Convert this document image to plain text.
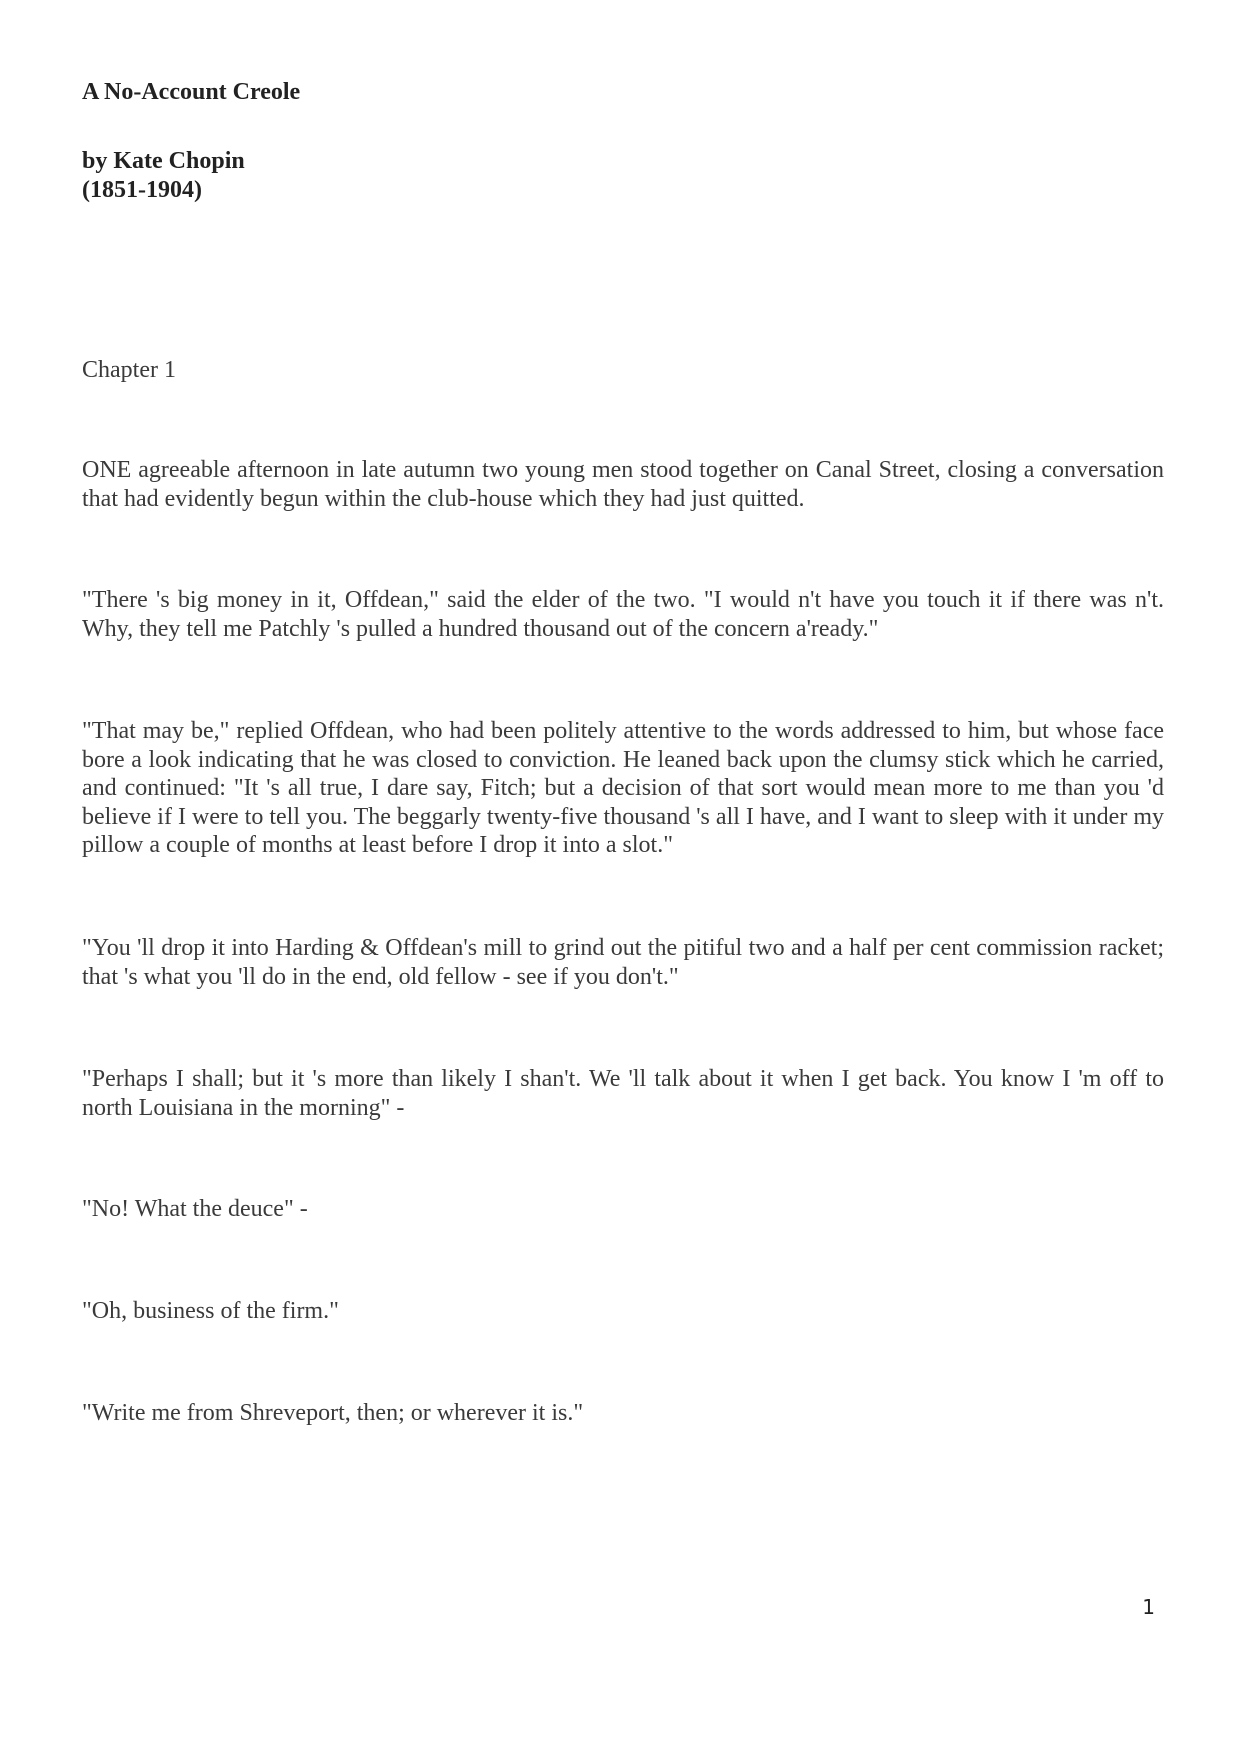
A No-Account Creole
by Kate Chopin
(1851-1904)
Chapter 1

ONE agreeable afternoon in late autumn two young men stood together on Canal Street, closing a conversation that had evidently begun within the club-house which they had just quitted.

"There 's big money in it, Offdean," said the elder of the two. "I would n't have you touch it if there was n't. Why, they tell me Patchly 's pulled a hundred thousand out of the concern a'ready."

"That may be," replied Offdean, who had been politely attentive to the words addressed to him, but whose face bore a look indicating that he was closed to conviction. He leaned back upon the clumsy stick which he carried, and continued: "It 's all true, I dare say, Fitch; but a decision of that sort would mean more to me than you 'd believe if I were to tell you. The beggarly twenty-five thousand 's all I have, and I want to sleep with it under my pillow a couple of months at least before I drop it into a slot."

"You 'll drop it into Harding & Offdean's mill to grind out the pitiful two and a half per cent commission racket; that 's what you 'll do in the end, old fellow - see if you don't."

"Perhaps I shall; but it 's more than likely I shan't. We 'll talk about it when I get back. You know I 'm off to north Louisiana in the morning" -

"No! What the deuce" -

"Oh, business of the firm."

"Write me from Shreveport, then; or wherever it is."

1
